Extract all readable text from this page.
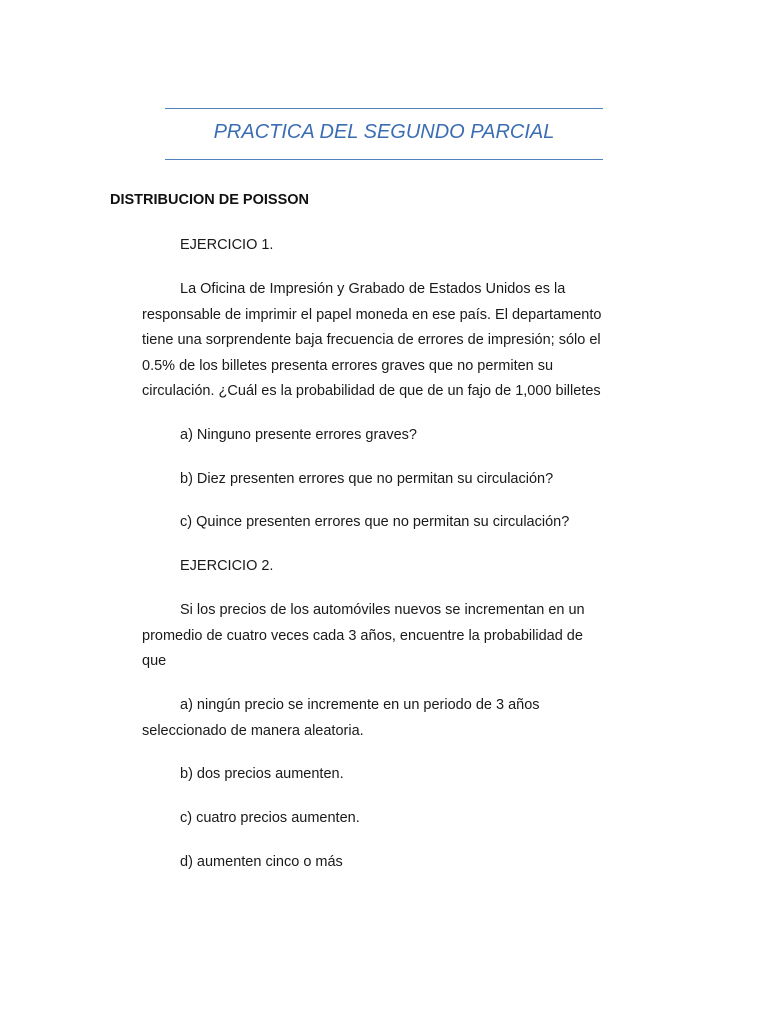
PRACTICA DEL SEGUNDO PARCIAL
DISTRIBUCION DE POISSON
EJERCICIO 1.
La Oficina de Impresión y Grabado de Estados Unidos es la
responsable de imprimir el papel moneda en ese país. El departamento
tiene una sorprendente baja frecuencia de errores de impresión; sólo el
0.5% de los billetes presenta errores graves que no permiten su
circulación. ¿Cuál es la probabilidad de que de un fajo de 1,000 billetes
a) Ninguno presente errores graves?
b) Diez presenten errores que no permitan su circulación?
c) Quince presenten errores que no permitan su circulación?
EJERCICIO 2.
Si los precios de los automóviles nuevos se incrementan en un
promedio de cuatro veces cada 3 años, encuentre la probabilidad de
que
a) ningún precio se incremente en un periodo de 3 años
seleccionado de manera aleatoria.
b) dos precios aumenten.
c) cuatro precios aumenten.
d) aumenten cinco o más
